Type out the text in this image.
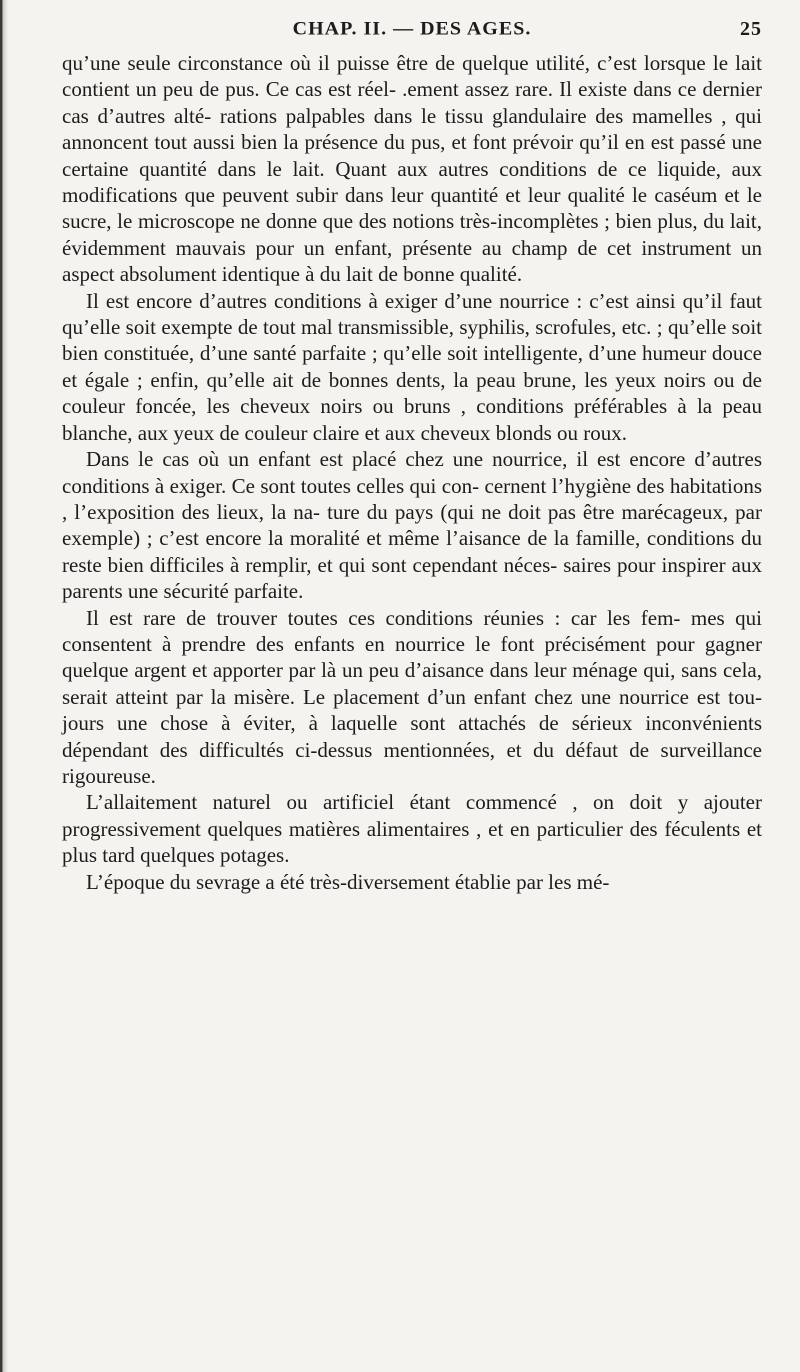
CHAP. II. — DES AGES.	25

qu’une seule circonstance où il puisse être de quelque utilité, c’est lorsque le lait contient un peu de pus. Ce cas est réel- .ement assez rare. Il existe dans ce dernier cas d’autres alté- rations palpables dans le tissu glandulaire des mamelles , qui annoncent tout aussi bien la présence du pus, et font prévoir qu’il en est passé une certaine quantité dans le lait. Quant aux autres conditions de ce liquide, aux modifications que peuvent subir dans leur quantité et leur qualité le caséum et le sucre, le microscope ne donne que des notions très-incomplètes ; bien plus, du lait, évidemment mauvais pour un enfant, présente au champ de cet instrument un aspect absolument identique à du lait de bonne qualité.

Il est encore d’autres conditions à exiger d’une nourrice : c’est ainsi qu’il faut qu’elle soit exempte de tout mal transmissible, syphilis, scrofules, etc. ; qu’elle soit bien constituée, d’une santé parfaite ; qu’elle soit intelligente, d’une humeur douce et égale ; enfin, qu’elle ait de bonnes dents, la peau brune, les yeux noirs ou de couleur foncée, les cheveux noirs ou bruns , conditions préférables à la peau blanche, aux yeux de couleur claire et aux cheveux blonds ou roux.

Dans le cas où un enfant est placé chez une nourrice, il est encore d’autres conditions à exiger. Ce sont toutes celles qui con- cernent l’hygiène des habitations , l’exposition des lieux, la na- ture du pays (qui ne doit pas être marécageux, par exemple) ; c’est encore la moralité et même l’aisance de la famille, conditions du reste bien difficiles à remplir, et qui sont cependant néces- saires pour inspirer aux parents une sécurité parfaite.

Il est rare de trouver toutes ces conditions réunies : car les fem- mes qui consentent à prendre des enfants en nourrice le font précisément pour gagner quelque argent et apporter par là un peu d’aisance dans leur ménage qui, sans cela, serait atteint par la misère. Le placement d’un enfant chez une nourrice est tou- jours une chose à éviter, à laquelle sont attachés de sérieux inconvénients dépendant des difficultés ci-dessus mentionnées, et du défaut de surveillance rigoureuse.

L’allaitement naturel ou artificiel étant commencé , on doit y ajouter progressivement quelques matières alimentaires , et en particulier des féculents et plus tard quelques potages.

L’époque du sevrage a été très-diversement établie par les mé-
